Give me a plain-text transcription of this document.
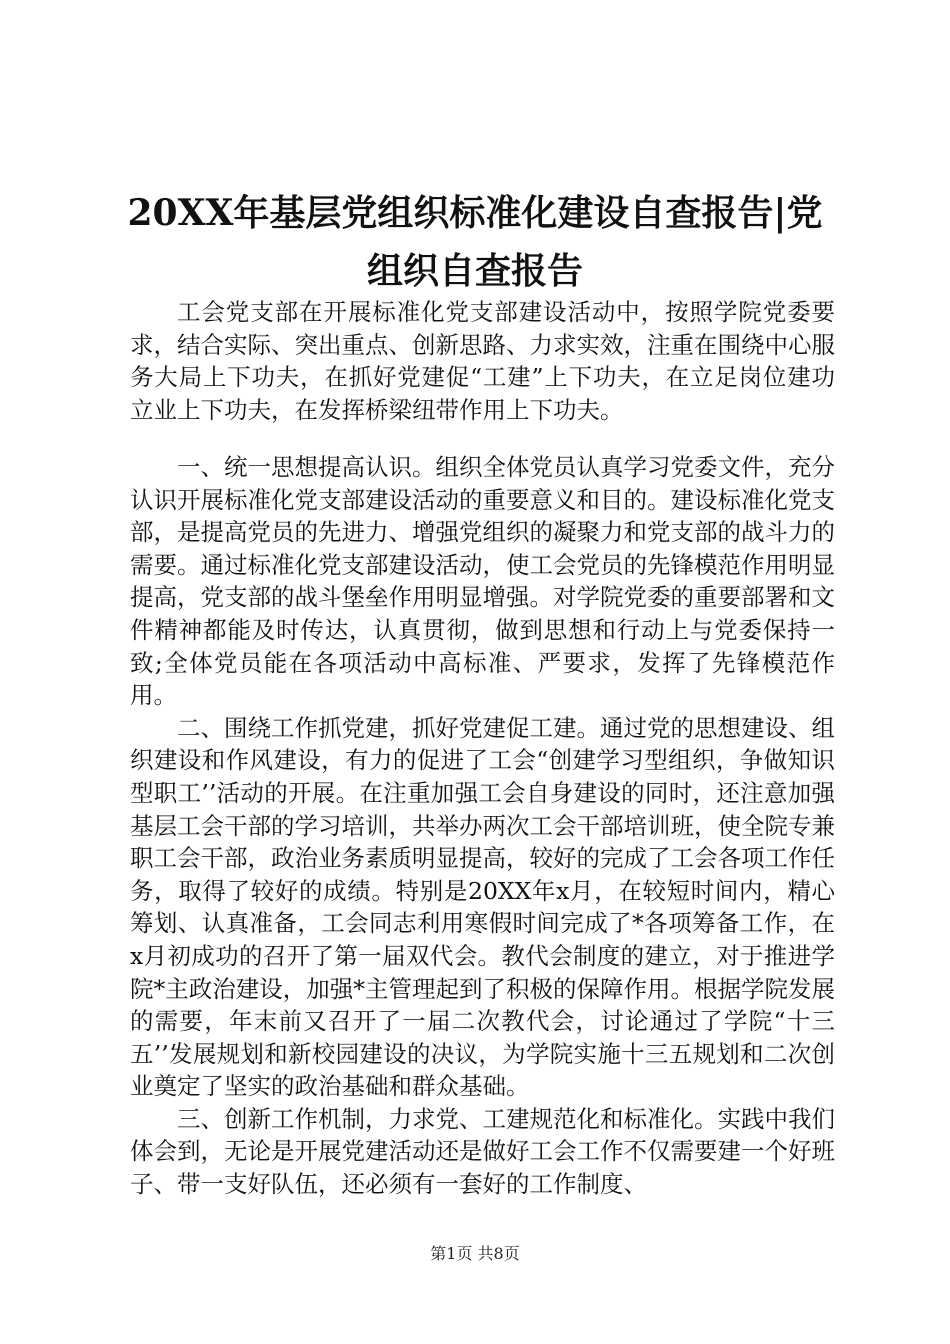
20XX年基层党组织标准化建设自查报告|党组织自查报告

工会党支部在开展标准化党支部建设活动中，按照学院党委要求，结合实际、突出重点、创新思路、力求实效，注重在围绕中心服务大局上下功夫，在抓好党建促“工建”上下功夫，在立足岗位建功立业上下功夫，在发挥桥梁纽带作用上下功夫。

一、统一思想提高认识。组织全体党员认真学习党委文件，充分认识开展标准化党支部建设活动的重要意义和目的。建设标准化党支部，是提高党员的先进力、增强党组织的凝聚力和党支部的战斗力的需要。通过标准化党支部建设活动，使工会党员的先锋模范作用明显提高，党支部的战斗堡垒作用明显增强。对学院党委的重要部署和文件精神都能及时传达，认真贯彻，做到思想和行动上与党委保持一致;全体党员能在各项活动中高标准、严要求，发挥了先锋模范作用。

二、围绕工作抓党建，抓好党建促工建。通过党的思想建设、组织建设和作风建设，有力的促进了工会“创建学习型组织，争做知识型职工’’活动的开展。在注重加强工会自身建设的同时，还注意加强基层工会干部的学习培训，共举办两次工会干部培训班，使全院专兼职工会干部，政治业务素质明显提高，较好的完成了工会各项工作任务，取得了较好的成绩。特别是20XX年x月，在较短时间内，精心筹划、认真准备，工会同志利用寒假时间完成了*各项筹备工作，在x月初成功的召开了第一届双代会。教代会制度的建立，对于推进学院*主政治建设，加强*主管理起到了积极的保障作用。根据学院发展的需要，年末前又召开了一届二次教代会，讨论通过了学院“十三五’’发展规划和新校园建设的决议，为学院实施十三五规划和二次创业奠定了坚实的政治基础和群众基础。

三、创新工作机制，力求党、工建规范化和标准化。实践中我们体会到，无论是开展党建活动还是做好工会工作不仅需要建一个好班子、带一支好队伍，还必须有一套好的工作制度、

第1页 共8页
